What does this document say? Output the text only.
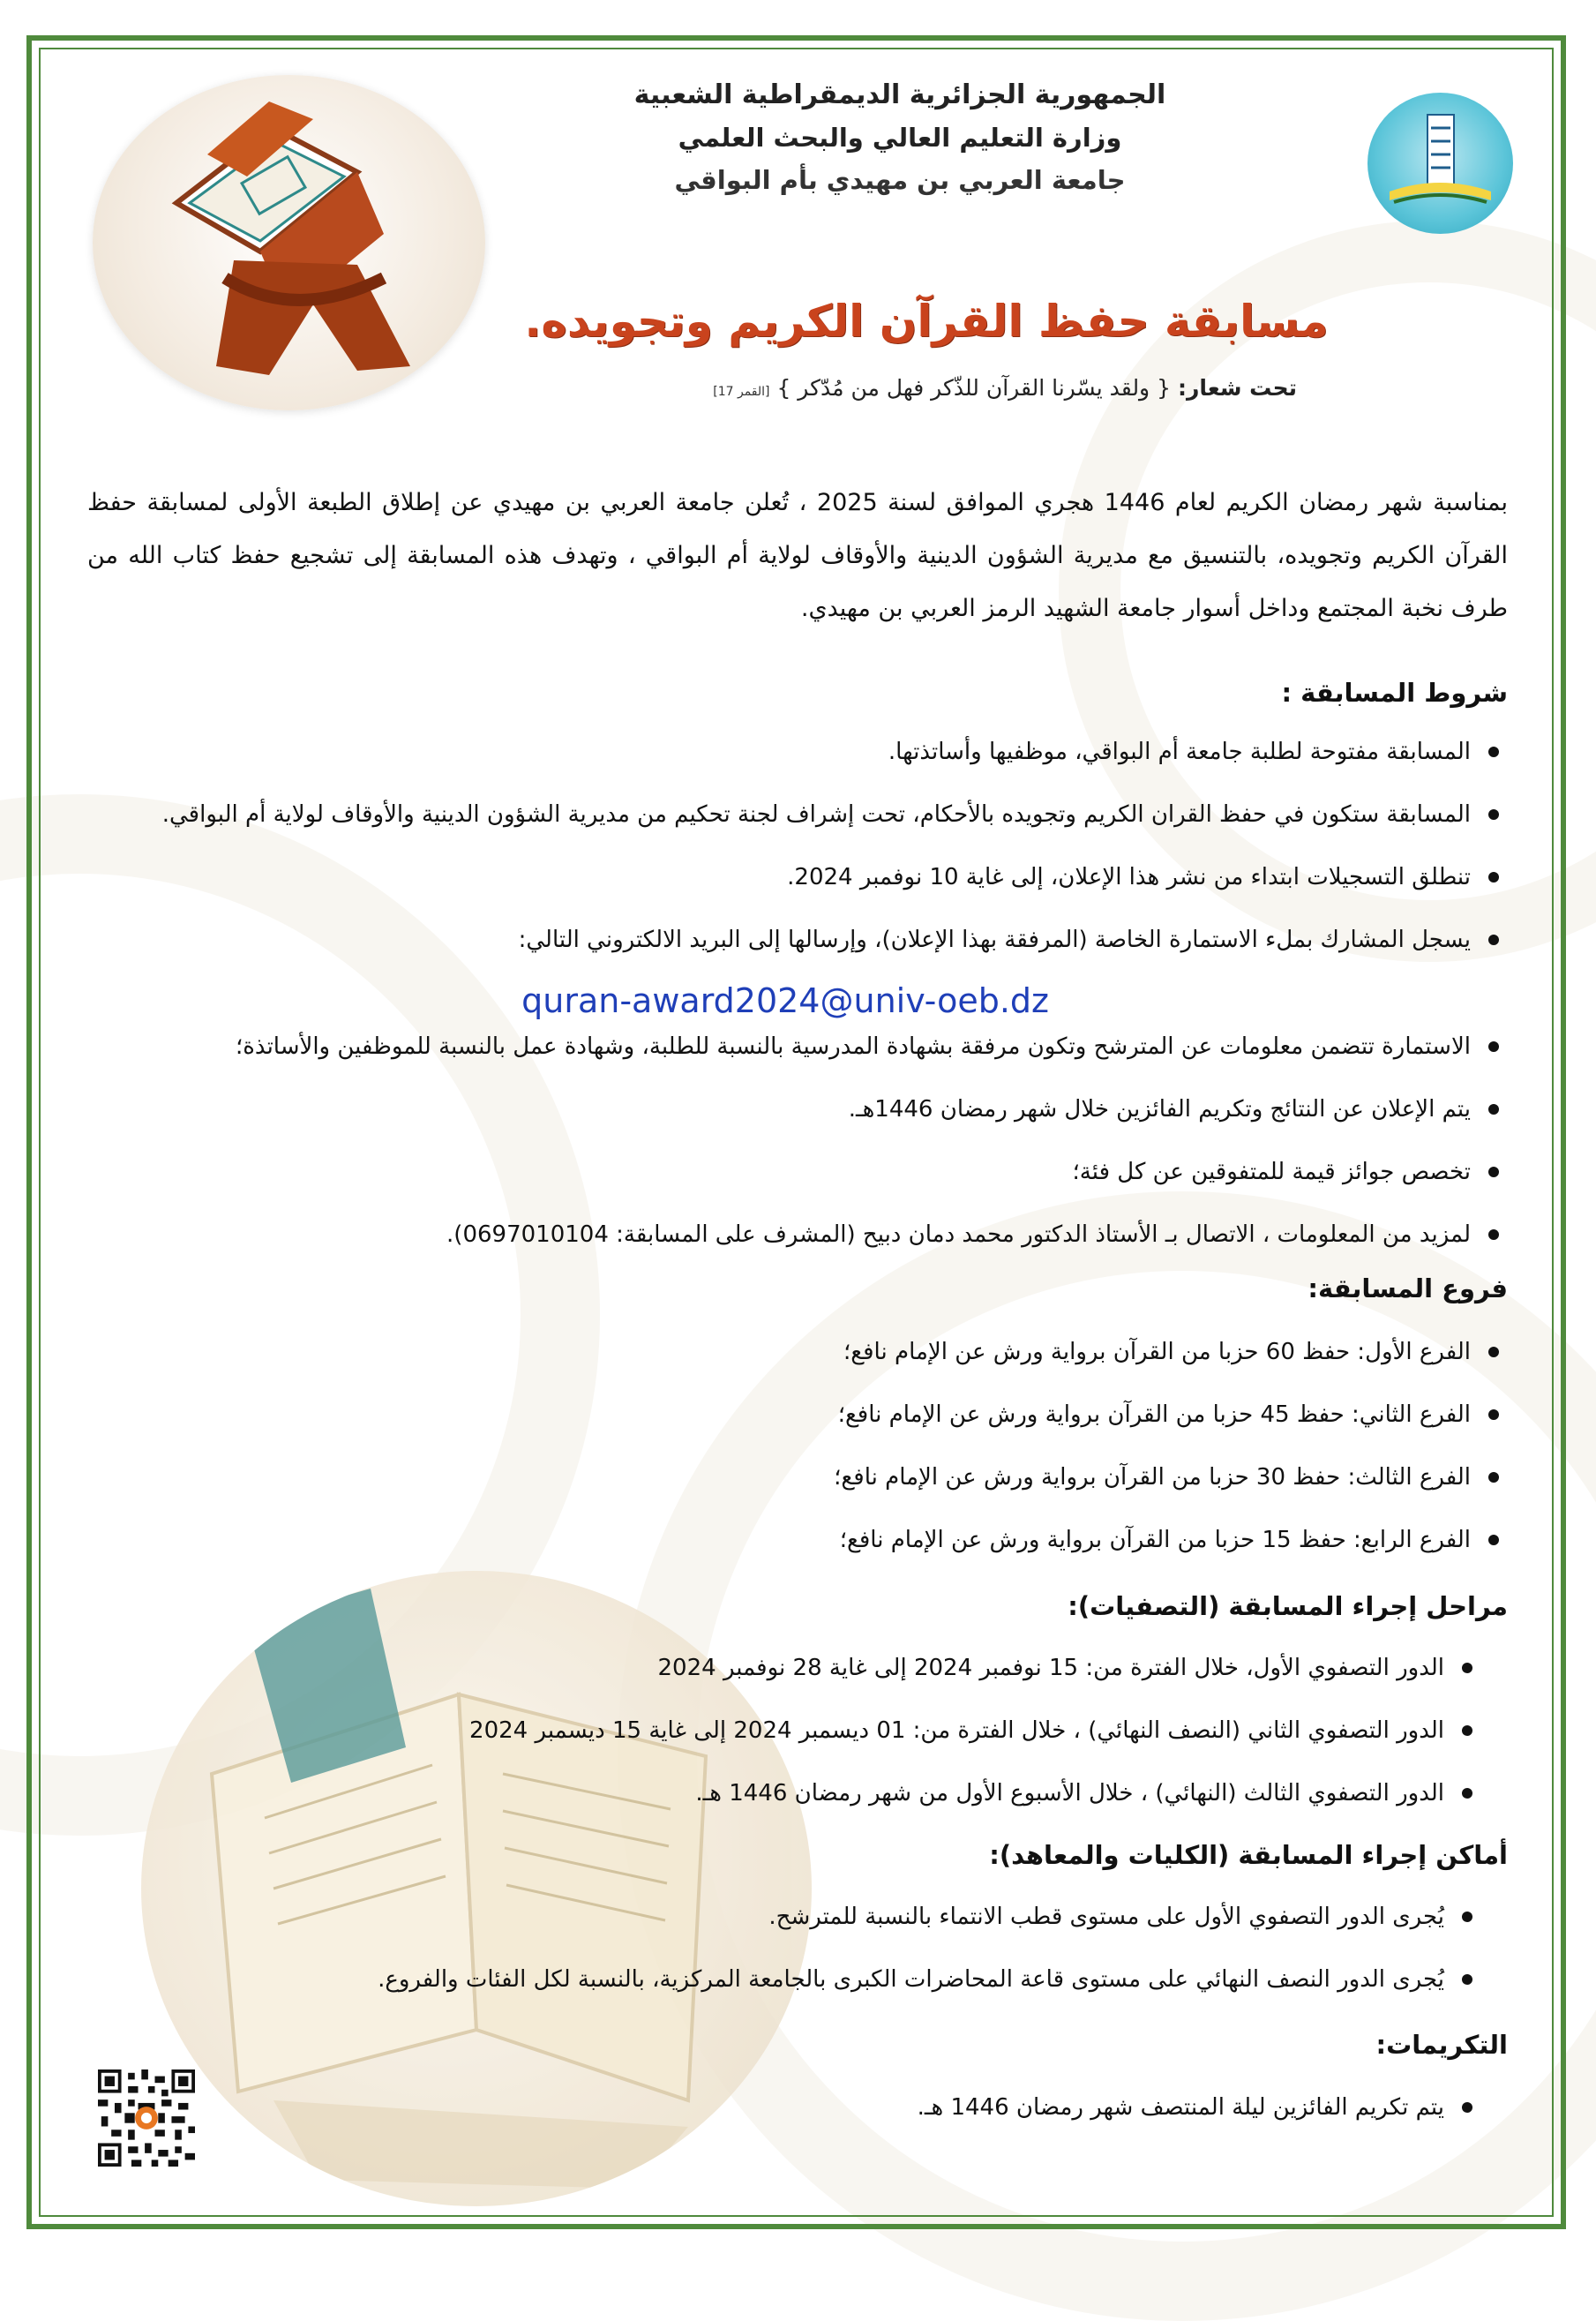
الجمهورية الجزائرية الديمقراطية الشعبية
وزارة التعليم العالي والبحث العلمي
جامعة العربي بن مهيدي بأم البواقي
مسابقة حفظ القرآن الكريم وتجويده.
تحت شعار: { ولقد يسّرنا القرآن للذّكر فهل من مُدّكر } [القمر 17]
بمناسبة شهر رمضان الكريم لعام 1446 هجري الموافق لسنة 2025 ، تُعلن جامعة العربي بن مهيدي عن إطلاق الطبعة الأولى لمسابقة حفظ القرآن الكريم وتجويده، بالتنسيق مع مديرية الشؤون الدينية والأوقاف لولاية أم البواقي ، وتهدف هذه المسابقة إلى تشجيع حفظ كتاب الله من طرف نخبة المجتمع وداخل أسوار جامعة الشهيد الرمز العربي بن مهيدي.
شروط المسابقة :
المسابقة مفتوحة لطلبة جامعة أم البواقي، موظفيها وأساتذتها.
المسابقة ستكون في حفظ القران الكريم وتجويده بالأحكام، تحت إشراف لجنة تحكيم من مديرية الشؤون الدينية والأوقاف لولاية أم البواقي.
تنطلق التسجيلات ابتداء من نشر هذا الإعلان، إلى غاية 10 نوفمبر 2024.
يسجل المشارك بملء الاستمارة الخاصة (المرفقة بهذا الإعلان)، وإرسالها إلى البريد الالكتروني التالي:
quran-award2024@univ-oeb.dz
الاستمارة تتضمن معلومات عن المترشح وتكون مرفقة بشهادة المدرسية بالنسبة للطلبة، وشهادة عمل بالنسبة للموظفين والأساتذة؛
يتم الإعلان عن النتائج وتكريم الفائزين خلال شهر رمضان 1446هـ.
تخصص جوائز قيمة للمتفوقين عن كل فئة؛
لمزيد من المعلومات ، الاتصال بـ الأستاذ الدكتور محمد دمان دبيح (المشرف على المسابقة: 0697010104).
فروع المسابقة:
الفرع الأول: حفظ 60 حزبا من القرآن برواية ورش عن الإمام نافع؛
الفرع الثاني: حفظ 45 حزبا من القرآن برواية ورش عن الإمام نافع؛
الفرع الثالث: حفظ 30 حزبا من القرآن برواية ورش عن الإمام نافع؛
الفرع الرابع: حفظ 15 حزبا من القرآن برواية ورش عن الإمام نافع؛
مراحل إجراء المسابقة (التصفيات):
الدور التصفوي الأول، خلال الفترة من: 15 نوفمبر 2024 إلى غاية 28 نوفمبر 2024
الدور التصفوي الثاني (النصف النهائي) ، خلال الفترة من: 01 ديسمبر 2024 إلى غاية 15 ديسمبر 2024
الدور التصفوي الثالث (النهائي) ، خلال الأسبوع الأول من شهر رمضان 1446 هـ.
أماكن إجراء المسابقة (الكليات والمعاهد):
يُجرى الدور التصفوي الأول على مستوى قطب الانتماء بالنسبة للمترشح.
يُجرى الدور النصف النهائي على مستوى قاعة المحاضرات الكبرى بالجامعة المركزية، بالنسبة لكل الفئات والفروع.
التكريمات:
يتم تكريم الفائزين ليلة المنتصف شهر رمضان 1446 هـ.
